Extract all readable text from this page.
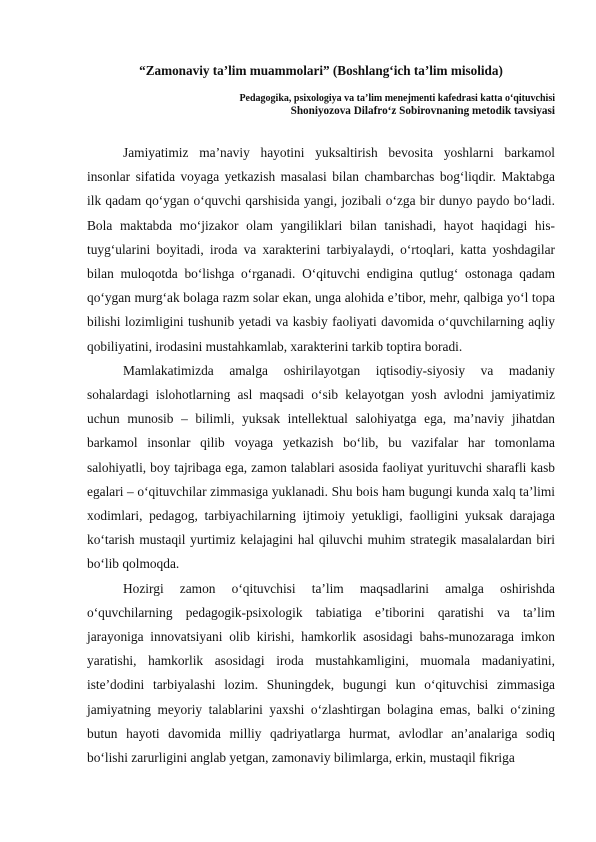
“Zamonaviy ta’lim muammolari” (Boshlang‘ich ta’lim misolida)
Pedagogika, psixologiya va ta’lim menejmenti kafedrasi katta o‘qituvchisi
Shoniyozova Dilafro‘z Sobirovnaning metodik tavsiyasi

Jamiyatimiz ma’naviy hayotini yuksaltirish bevosita yoshlarni barkamol insonlar sifatida voyaga yetkazish masalasi bilan chambarchas bog‘liqdir. Maktabga ilk qadam qo‘ygan o‘quvchi qarshisida yangi, jozibali o‘zga bir dunyo paydo bo‘ladi. Bola maktabda mo‘jizakor olam yangiliklari bilan tanishadi, hayot haqidagi his-tuyg‘ularini boyitadi, iroda va xarakterini tarbiyalaydi, o‘rtoqlari, katta yoshdagilar bilan muloqotda bo‘lishga o‘rganadi. O‘qituvchi endigina qutlug‘ ostonaga qadam qo‘ygan murg‘ak bolaga razm solar ekan, unga alohida e’tibor, mehr, qalbiga yo‘l topa bilishi lozimligini tushunib yetadi va kasbiy faoliyati davomida o‘quvchilarning aqliy qobiliyatini, irodasini mustahkamlab, xarakterini tarkib toptira boradi.

Mamlakatimizda amalga oshirilayotgan iqtisodiy-siyosiy va madaniy sohalardagi islohotlarning asl maqsadi o‘sib kelayotgan yosh avlodni jamiyatimiz uchun munosib – bilimli, yuksak intellektual salohiyatga ega, ma’naviy jihatdan barkamol insonlar qilib voyaga yetkazish bo‘lib, bu vazifalar har tomonlama salohiyatli, boy tajribaga ega, zamon talablari asosida faoliyat yurituvchi sharafli kasb egalari – o‘qituvchilar zimmasiga yuklanadi. Shu bois ham bugungi kunda xalq ta’limi xodimlari, pedagog, tarbiyachilarning ijtimoiy yetukligi, faolligini yuksak darajaga ko‘tarish mustaqil yurtimiz kelajagini hal qiluvchi muhim strategik masalalardan biri bo‘lib qolmoqda.

Hozirgi zamon o‘qituvchisi ta’lim maqsadlarini amalga oshirishda o‘quvchilarning pedagogik-psixologik tabiatiga e’tiborini qaratishi va ta’lim jarayoniga innovatsiyani olib kirishi, hamkorlik asosidagi bahs-munozaraga imkon yaratishi, hamkorlik asosidagi iroda mustahkamligini, muomala madaniyatini, iste’dodini tarbiyalashi lozim. Shuningdek, bugungi kun o‘qituvchisi zimmasiga jamiyatning meyoriy talablarini yaxshi o‘zlashtirgan bolagina emas, balki o‘zining butun hayoti davomida milliy qadriyatlarga hurmat, avlodlar an’analariga sodiq bo‘lishi zarurligini anglab yetgan, zamonaviy bilimlarga, erkin, mustaqil fikriga
